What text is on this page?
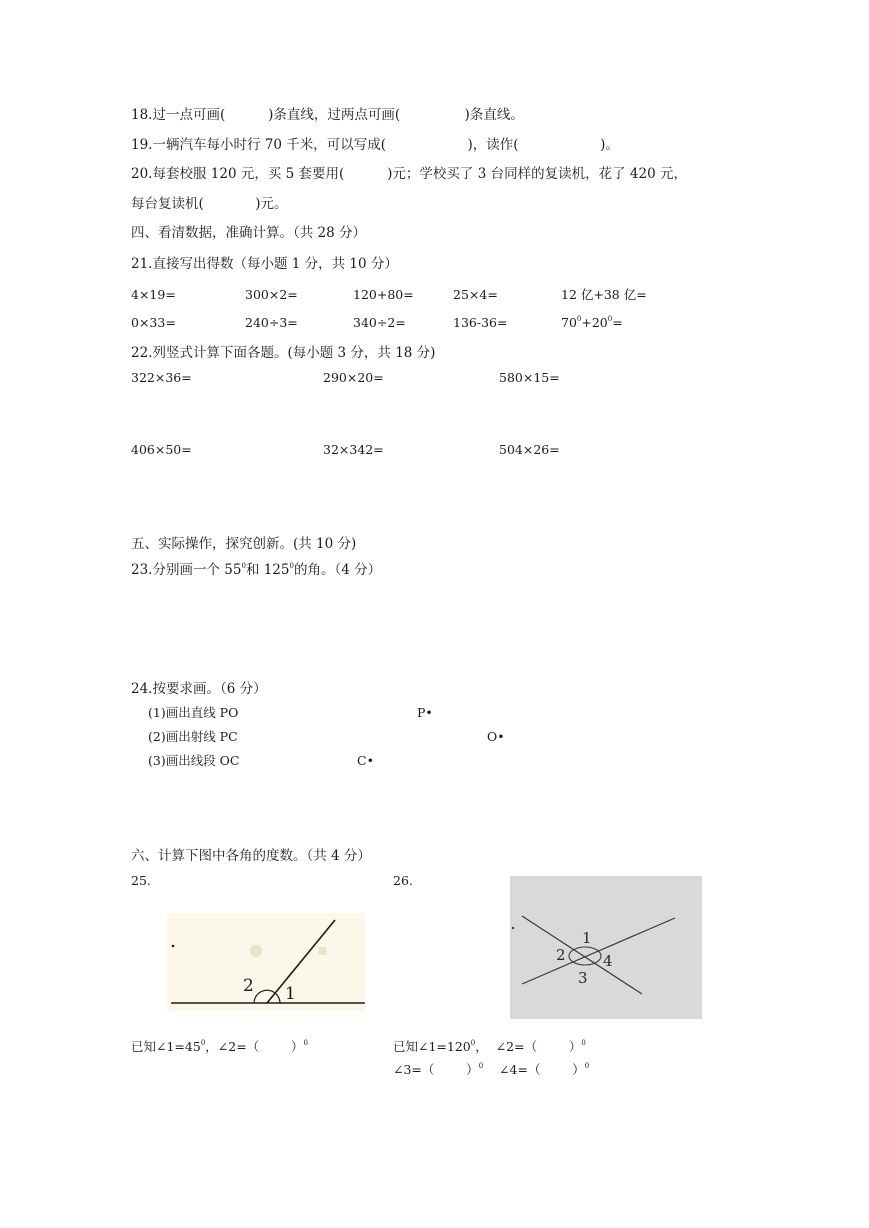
18.过一点可画(          )条直线，过两点可画(               )条直线。
19.一辆汽车每小时行 70 千米，可以写成(                   )，读作(                   )。
20.每套校服 120 元，买 5 套要用(          )元；学校买了 3 台同样的复读机，花了 420 元，
每台复读机(            )元。
四、看清数据，准确计算。（共 28 分）
21.直接写出得数（每小题 1 分，共 10 分）
4×19=	300×2=	120+80=	25×4=	12 亿+38 亿=
0×33=	240÷3=	340÷2=	136-36=	$70^0+20^0=$
22.列竖式计算下面各题。(每小题 3 分，共 18 分)
322×36=	290×20=	580×15=
406×50=	32×342=	504×26=
五、实际操作，探究创新。(共 10 分)
23.分别画一个 $55^0$和 $125^0$的角。（4 分）
24.按要求画。（6 分）
(1)画出直线 PO
(2)画出射线 PC
(3)画出线段 OC
P•
O•
C•
六、计算下图中各角的度数。（共 4 分）
25.	26.
●	▪
2 1
1
2
3
4
已知$\angle 1=45^0$，∠2=（        ）$^0$	已知$\angle 1=120^0$，  ∠2=（        ）$^0$
∠3=（        ）$^0$    ∠4=（        ）$^0$
